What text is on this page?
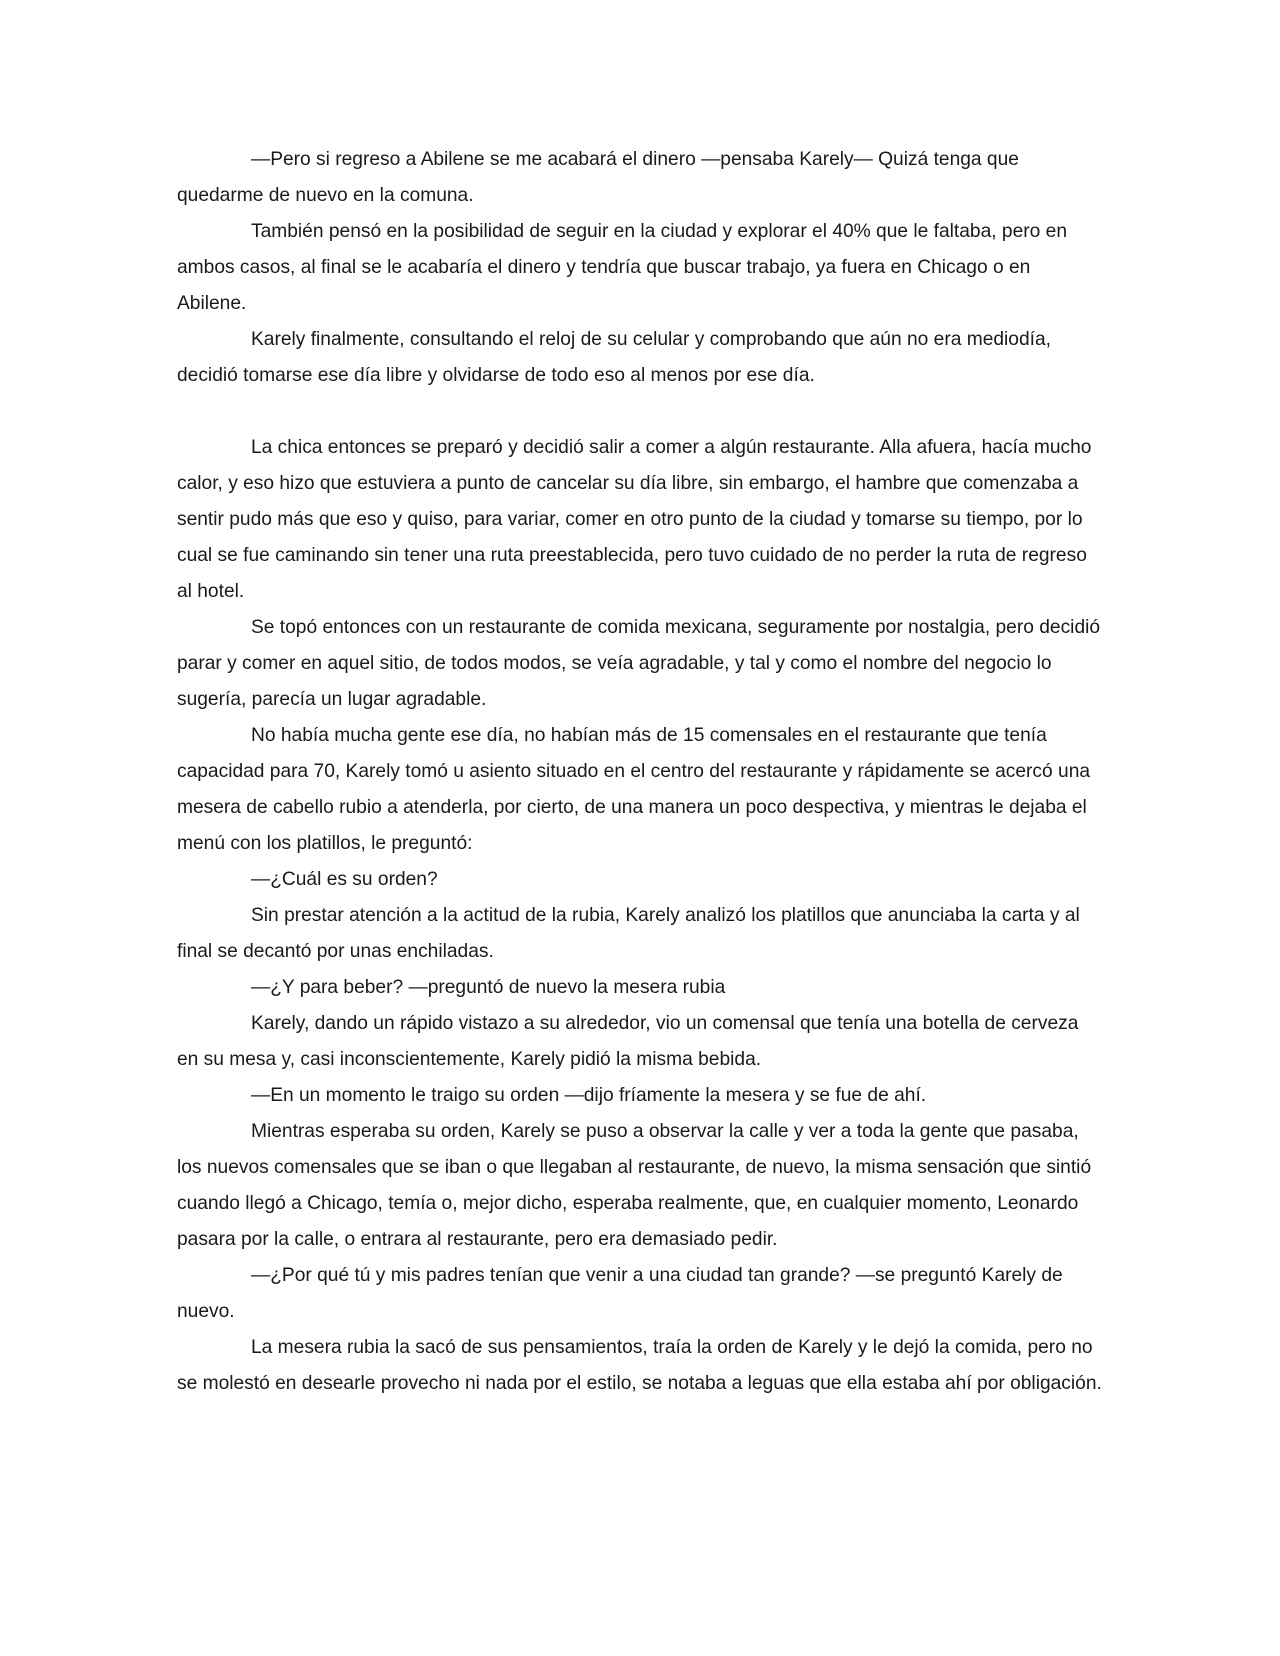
—Pero si regreso a Abilene se me acabará el dinero —pensaba Karely— Quizá tenga que quedarme de nuevo en la comuna.

También pensó en la posibilidad de seguir en la ciudad y explorar el 40% que le faltaba, pero en ambos casos, al final se le acabaría el dinero y tendría que buscar trabajo, ya fuera en Chicago o en Abilene.

Karely finalmente, consultando el reloj de su celular y comprobando que aún no era mediodía, decidió tomarse ese día libre y olvidarse de todo eso al menos por ese día.

La chica entonces se preparó y decidió salir a comer a algún restaurante. Alla afuera, hacía mucho calor, y eso hizo que estuviera a punto de cancelar su día libre, sin embargo, el hambre que comenzaba a sentir pudo más que eso y quiso, para variar, comer en otro punto de la ciudad y tomarse su tiempo, por lo cual se fue caminando sin tener una ruta preestablecida, pero tuvo cuidado de no perder la ruta de regreso al hotel.

Se topó entonces con un restaurante de comida mexicana, seguramente por nostalgia, pero decidió parar y comer en aquel sitio, de todos modos, se veía agradable, y tal y como el nombre del negocio lo sugería, parecía un lugar agradable.

No había mucha gente ese día, no habían más de 15 comensales en el restaurante que tenía capacidad para 70, Karely tomó u asiento situado en el centro del restaurante y rápidamente se acercó una mesera de cabello rubio a atenderla, por cierto, de una manera un poco despectiva, y mientras le dejaba el menú con los platillos, le preguntó:

—¿Cuál es su orden?

Sin prestar atención a la actitud de la rubia, Karely analizó los platillos que anunciaba la carta y al final se decantó por unas enchiladas.

—¿Y para beber? —preguntó de nuevo la mesera rubia

Karely, dando un rápido vistazo a su alrededor, vio un comensal que tenía una botella de cerveza en su mesa y, casi inconscientemente, Karely pidió la misma bebida.

—En un momento le traigo su orden —dijo fríamente la mesera y se fue de ahí.

Mientras esperaba su orden, Karely se puso a observar la calle y ver a toda la gente que pasaba, los nuevos comensales que se iban o que llegaban al restaurante, de nuevo, la misma sensación que sintió cuando llegó a Chicago, temía o, mejor dicho, esperaba realmente, que, en cualquier momento, Leonardo pasara por la calle, o entrara al restaurante, pero era demasiado pedir.

—¿Por qué tú y mis padres tenían que venir a una ciudad tan grande? —se preguntó Karely de nuevo.

La mesera rubia la sacó de sus pensamientos, traía la orden de Karely y le dejó la comida, pero no se molestó en desearle provecho ni nada por el estilo, se notaba a leguas que ella estaba ahí por obligación.
